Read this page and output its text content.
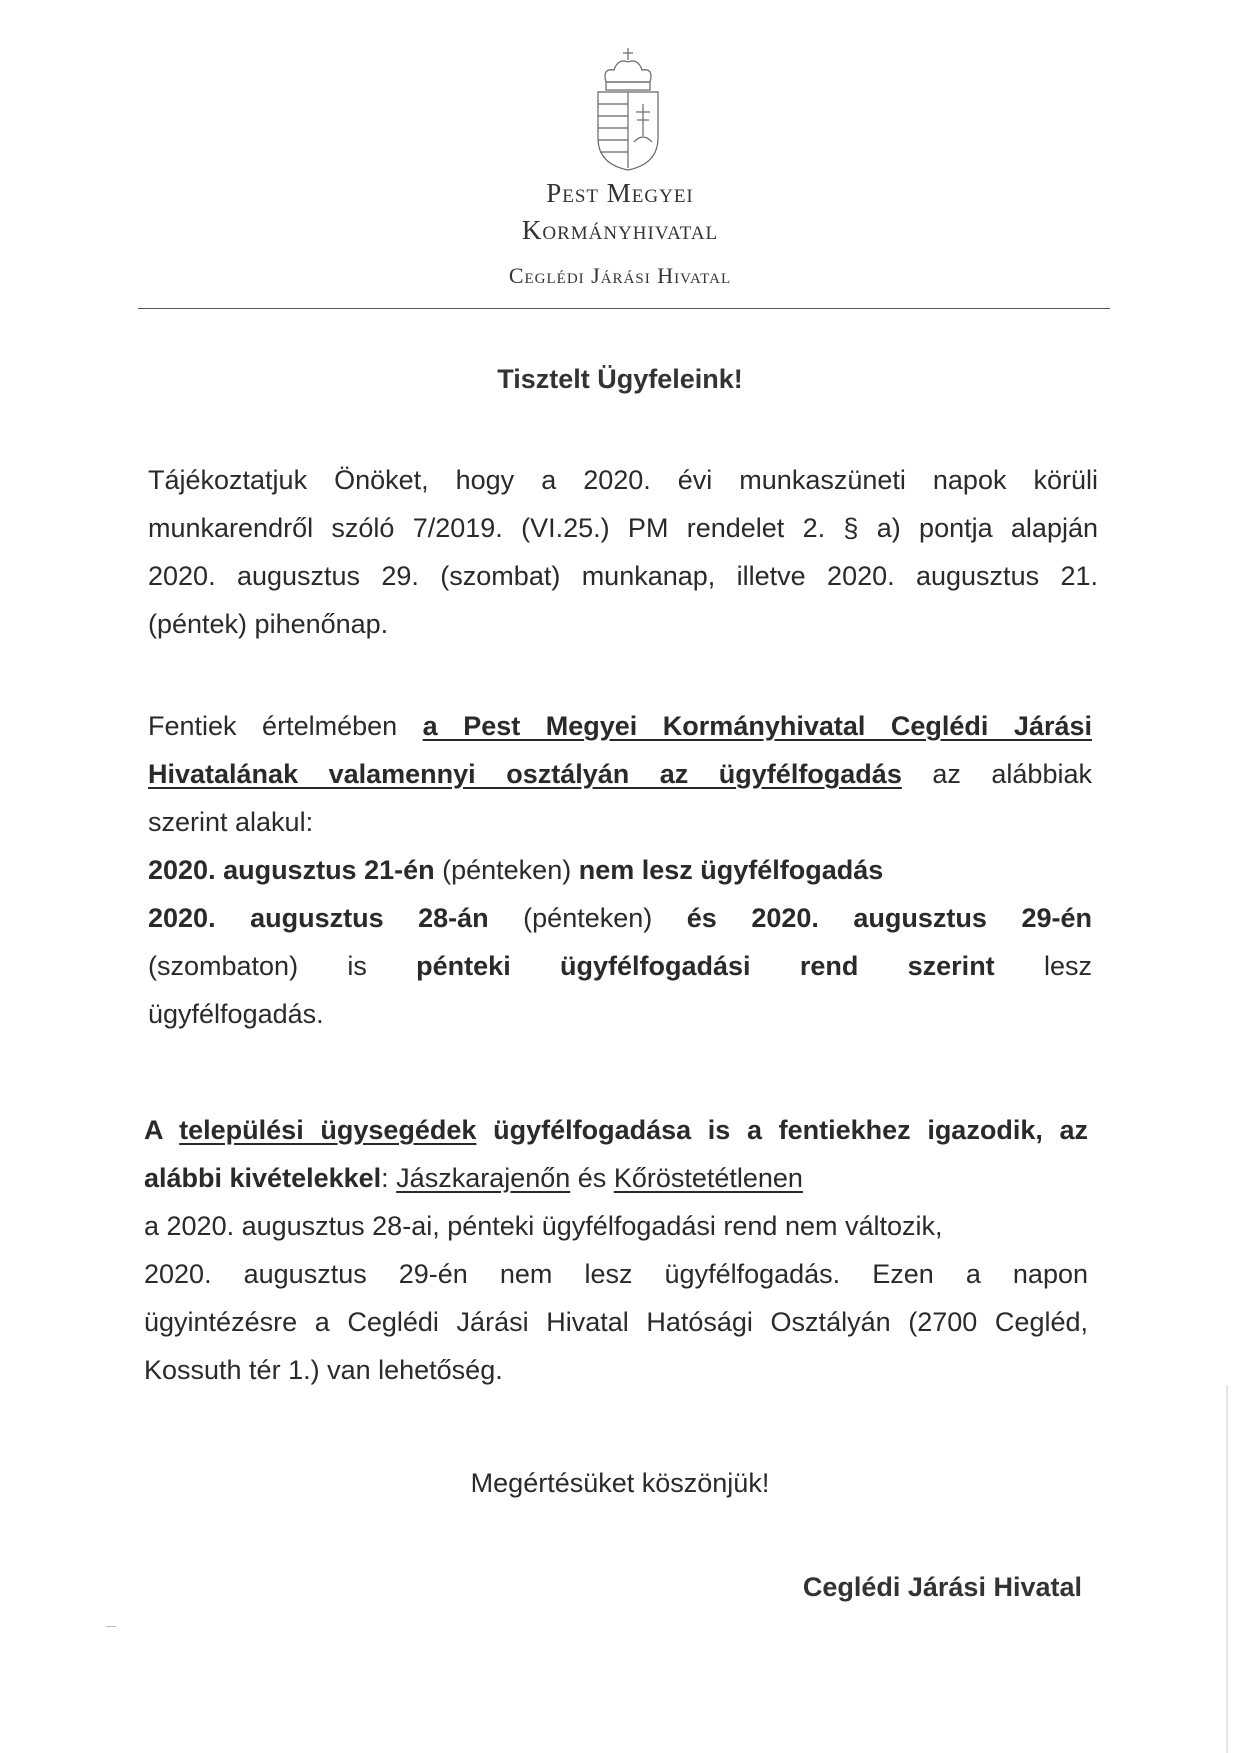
Pest Megyei
Kormányhivatal
Ceglédi Járási Hivatal
Tisztelt Ügyfeleink!
Tájékoztatjuk Önöket, hogy a 2020. évi munkaszüneti napok körüli
munkarendről szóló 7/2019. (VI.25.) PM rendelet 2. § a) pontja alapján
2020. augusztus 29. (szombat) munkanap, illetve 2020. augusztus 21.
(péntek) pihenőnap.
Fentiek értelmében a Pest Megyei Kormányhivatal Ceglédi Járási
Hivatalának valamennyi osztályán az ügyfélfogadás az alábbiak
szerint alakul:
2020. augusztus 21-én (pénteken) nem lesz ügyfélfogadás
2020. augusztus 28-án (pénteken) és 2020. augusztus 29-én
(szombaton) is pénteki ügyfélfogadási rend szerint lesz
ügyfélfogadás.
A települési ügysegédek ügyfélfogadása is a fentiekhez igazodik, az
alábbi kivételekkel: Jászkarajenőn és Kőröstetétlenen
a 2020. augusztus 28-ai, pénteki ügyfélfogadási rend nem változik,
2020. augusztus 29-én nem lesz ügyfélfogadás. Ezen a napon
ügyintézésre a Ceglédi Járási Hivatal Hatósági Osztályán (2700 Cegléd,
Kossuth tér 1.) van lehetőség.
Megértésüket köszönjük!
Ceglédi Járási Hivatal
